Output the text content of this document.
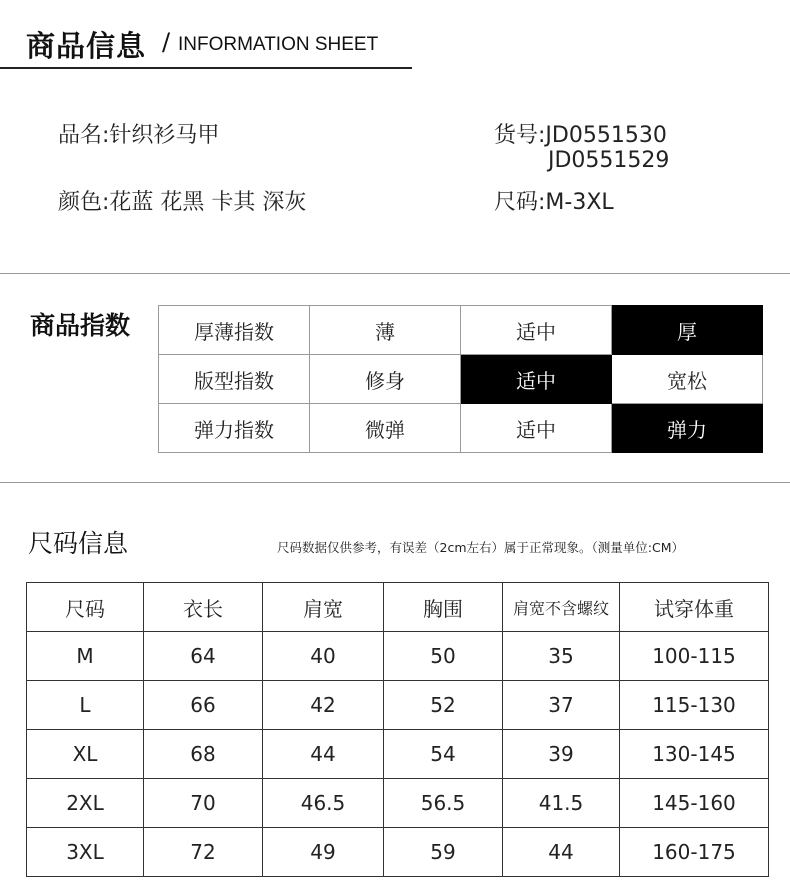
商品信息 / INFORMATION SHEET
品名:针织衫马甲
颜色:花蓝 花黑 卡其 深灰
货号:JD0551530
JD0551529
尺码:M-3XL
商品指数	厚薄指数	薄	适中	厚
版型指数	修身	适中	宽松
弹力指数	微弹	适中	弹力
尺码信息	尺码数据仅供参考，有误差（2cm左右）属于正常现象。（测量单位:CM）
尺码	衣长	肩宽	胸围	肩宽不含螺纹	试穿体重
M	64	40	50	35	100-115
L	66	42	52	37	115-130
XL	68	44	54	39	130-145
2XL	70	46.5	56.5	41.5	145-160
3XL	72	49	59	44	160-175
